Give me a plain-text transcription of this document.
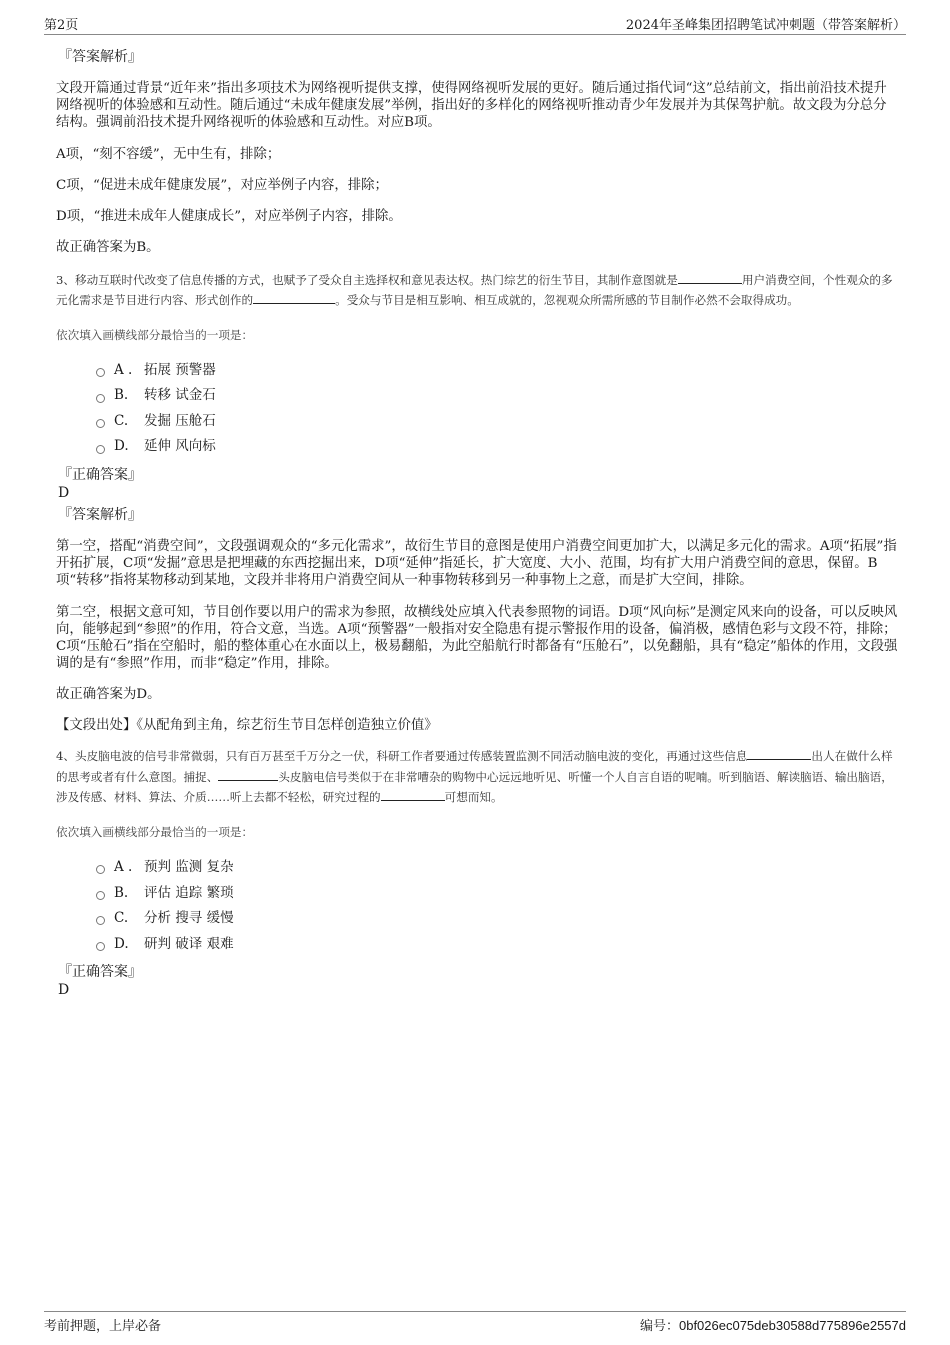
第2页	2024年圣峰集团招聘笔试冲刺题（带答案解析）
『答案解析』

文段开篇通过背景“近年来”指出多项技术为网络视听提供支撑，使得网络视听发展的更好。随后通过指代词“这”总结前文，指出前沿技术提升网络视听的体验感和互动性。随后通过“未成年健康发展”举例，指出好的多样化的网络视听推动青少年发展并为其保驾护航。故文段为分总分结构。强调前沿技术提升网络视听的体验感和互动性。对应B项。

A项，“刻不容缓”，无中生有，排除；

C项，“促进未成年健康发展”，对应举例子内容，排除；

D项，“推进未成年人健康成长”，对应举例子内容，排除。

故正确答案为B。

3、移动互联时代改变了信息传播的方式，也赋予了受众自主选择权和意见表达权。热门综艺的衍生节目，其制作意图就是	用户消费空间，个性观众的多元化需求是节目进行内容、形式创作的	。受众与节目是相互影响、相互成就的，忽视观众所需所感的节目制作必然不会取得成功。

依次填入画横线部分最恰当的一项是：

A . 拓展 预警器
B.	转移 试金石
C.	发掘 压舱石
D.	延伸 风向标
『正确答案』
D
『答案解析』

第一空，搭配“消费空间”，文段强调观众的“多元化需求”，故衍生节目的意图是使用户消费空间更加扩大，以满足多元化的需求。A项“拓展”指开拓扩展，C项“发掘”意思是把埋藏的东西挖掘出来，D项“延伸”指延长，扩大宽度、大小、范围，均有扩大用户消费空间的意思，保留。B项“转移”指将某物移动到某地，文段并非将用户消费空间从一种事物转移到另一种事物上之意，而是扩大空间，排除。

第二空，根据文意可知，节目创作要以用户的需求为参照，故横线处应填入代表参照物的词语。D项“风向标”是测定风来向的设备，可以反映风向，能够起到“参照”的作用，符合文意，当选。A项“预警器”一般指对安全隐患有提示警报作用的设备，偏消极，感情色彩与文段不符，排除；C项“压舱石”指在空船时，船的整体重心在水面以上，极易翻船，为此空船航行时都备有“压舱石”，以免翻船，具有“稳定”船体的作用，文段强调的是有“参照”作用，而非“稳定”作用，排除。

故正确答案为D。

【文段出处】《从配角到主角，综艺衍生节目怎样创造独立价值》

4、头皮脑电波的信号非常微弱，只有百万甚至千万分之一伏，科研工作者要通过传感装置监测不同活动脑电波的变化，再通过这些信息	出人在做什么样的思考或者有什么意图。捕捉、	头皮脑电信号类似于在非常嘈杂的购物中心远远地听见、听懂一个人自言自语的呢喃。听到脑语、解读脑语、输出脑语，涉及传感、材料、算法、介质……听上去都不轻松，研究过程的	可想而知。

依次填入画横线部分最恰当的一项是：

A . 预判 监测 复杂
B.	评估 追踪 繁琐
C.	分析 搜寻 缓慢
D.	研判 破译 艰难
『正确答案』
D
考前押题，上岸必备	编号：0bf026ec075deb30588d775896e2557d
